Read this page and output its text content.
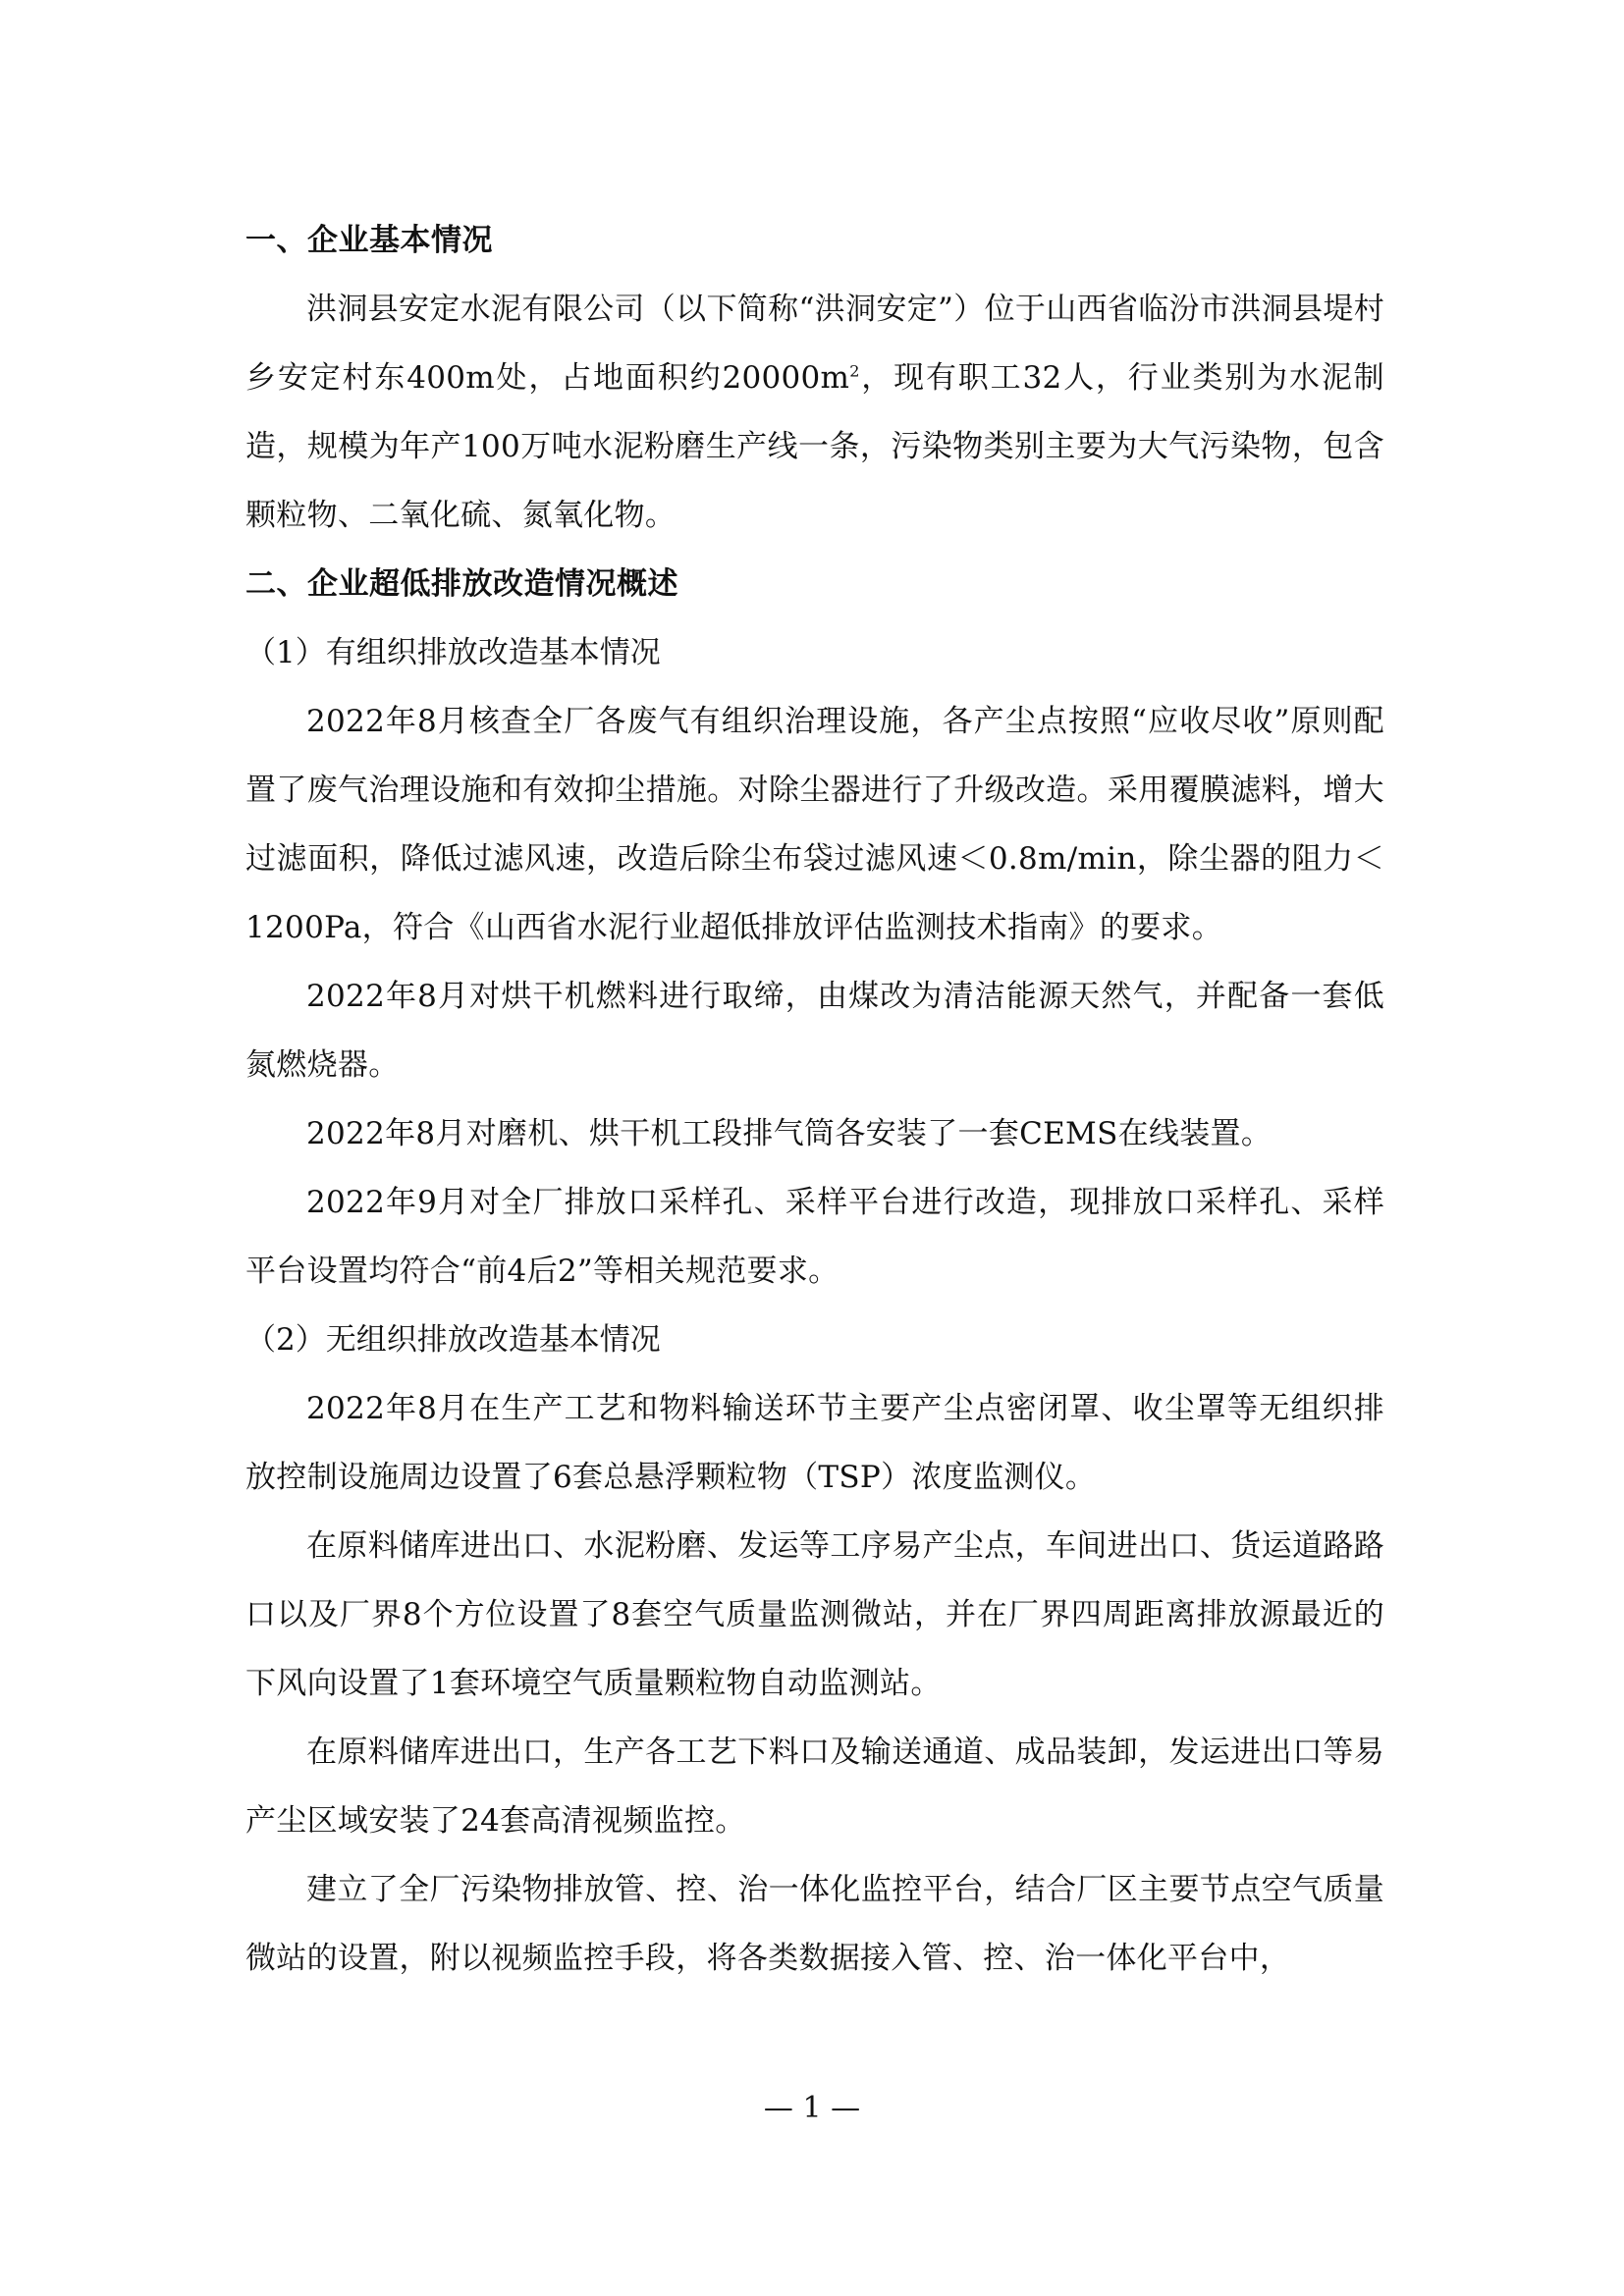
一、企业基本情况

洪洞县安定水泥有限公司（以下简称“洪洞安定”）位于山西省临汾市洪洞县堤村乡安定村东400m处，占地面积约$20000m^2$，现有职工32人，行业类别为水泥制造，规模为年产100万吨水泥粉磨生产线一条，污染物类别主要为大气污染物，包含颗粒物、二氧化硫、氮氧化物。

二、企业超低排放改造情况概述

（1）有组织排放改造基本情况

2022年8月核查全厂各废气有组织治理设施，各产尘点按照“应收尽收”原则配置了废气治理设施和有效抑尘措施。对除尘器进行了升级改造。采用覆膜滤料，增大过滤面积，降低过滤风速，改造后除尘布袋过滤风速＜0.8m/min，除尘器的阻力＜1200Pa，符合《山西省水泥行业超低排放评估监测技术指南》的要求。

2022年8月对烘干机燃料进行取缔，由煤改为清洁能源天然气，并配备一套低氮燃烧器。

2022年8月对磨机、烘干机工段排气筒各安装了一套CEMS在线装置。

2022年9月对全厂排放口采样孔、采样平台进行改造，现排放口采样孔、采样平台设置均符合“前4后2”等相关规范要求。

（2）无组织排放改造基本情况

2022年8月在生产工艺和物料输送环节主要产尘点密闭罩、收尘罩等无组织排放控制设施周边设置了6套总悬浮颗粒物（TSP）浓度监测仪。

在原料储库进出口、水泥粉磨、发运等工序易产尘点，车间进出口、货运道路路口以及厂界8个方位设置了8套空气质量监测微站，并在厂界四周距离排放源最近的下风向设置了1套环境空气质量颗粒物自动监测站。

在原料储库进出口，生产各工艺下料口及输送通道、成品装卸，发运进出口等易产尘区域安装了24套高清视频监控。

建立了全厂污染物排放管、控、治一体化监控平台，结合厂区主要节点空气质量微站的设置，附以视频监控手段，将各类数据接入管、控、治一体化平台中，

— 1 —
